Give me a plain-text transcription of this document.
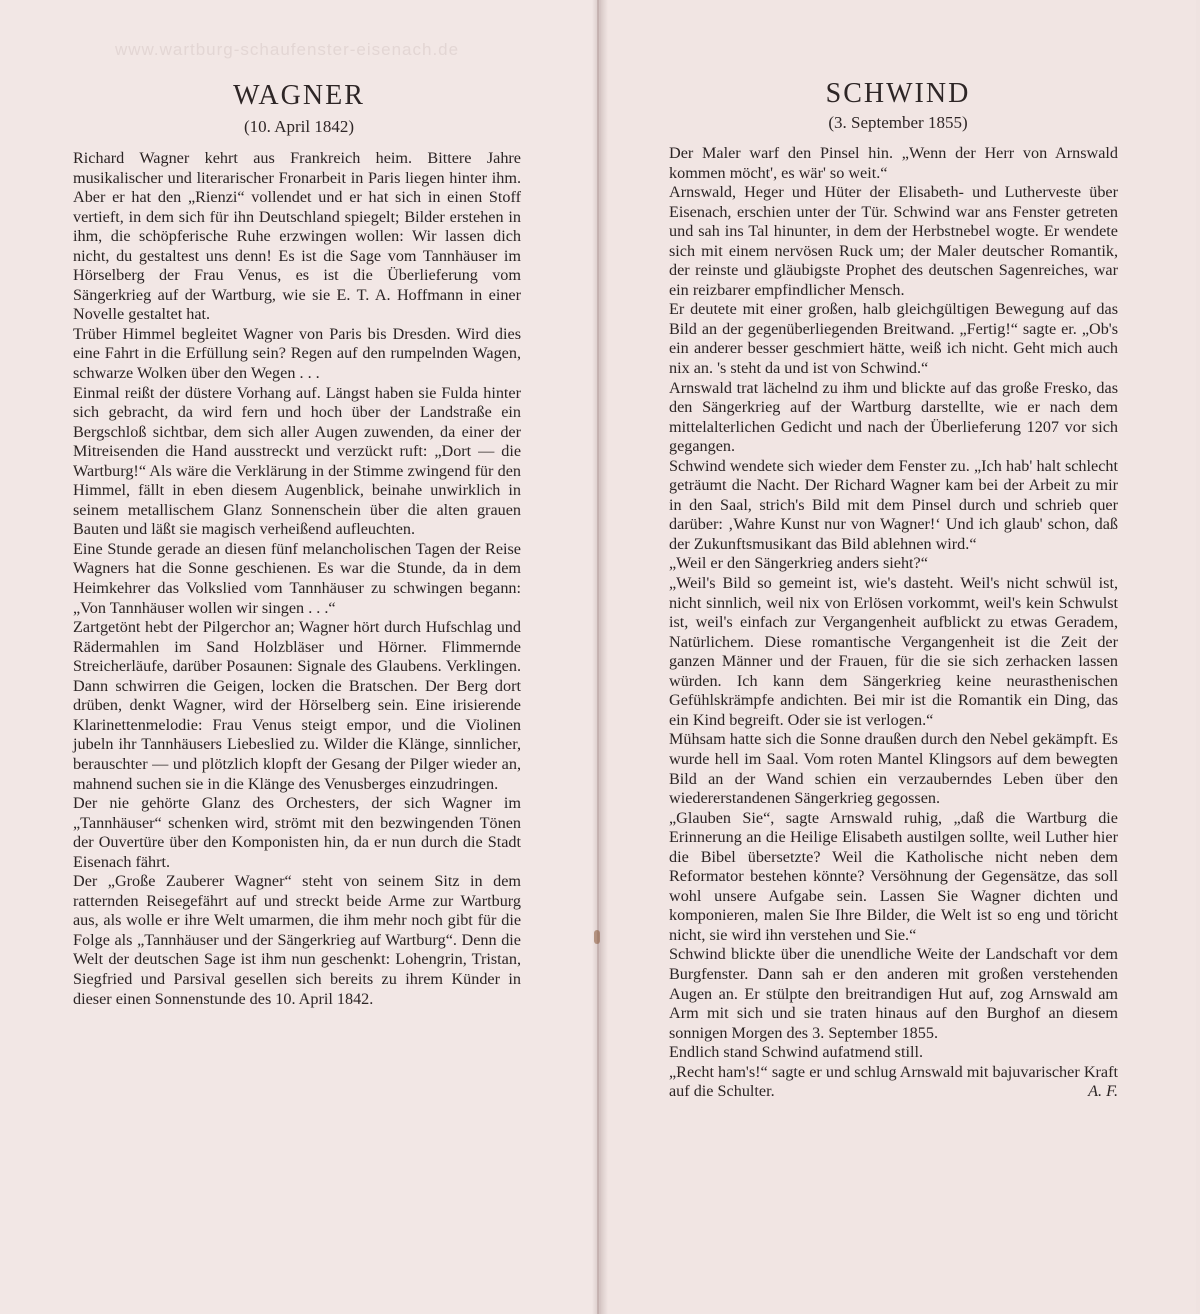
www.wartburg-schaufenster-eisenach.de
WAGNER
(10. April 1842)

Richard Wagner kehrt aus Frankreich heim. Bittere Jahre musikalischer und literarischer Fronarbeit in Paris liegen hinter ihm. Aber er hat den „Rienzi“ vollendet und er hat sich in einen Stoff vertieft, in dem sich für ihn Deutschland spiegelt; Bilder erstehen in ihm, die schöpferische Ruhe erzwingen wollen: Wir lassen dich nicht, du gestaltest uns denn! Es ist die Sage vom Tannhäuser im Hörselberg der Frau Venus, es ist die Überlieferung vom Sängerkrieg auf der Wartburg, wie sie E. T. A. Hoffmann in einer Novelle gestaltet hat.

Trüber Himmel begleitet Wagner von Paris bis Dresden. Wird dies eine Fahrt in die Erfüllung sein? Regen auf den rumpelnden Wagen, schwarze Wolken über den Wegen . . .

Einmal reißt der düstere Vorhang auf. Längst haben sie Fulda hinter sich gebracht, da wird fern und hoch über der Landstraße ein Bergschloß sichtbar, dem sich aller Augen zuwenden, da einer der Mitreisenden die Hand ausstreckt und verzückt ruft: „Dort — die Wartburg!“ Als wäre die Verklärung in der Stimme zwingend für den Himmel, fällt in eben diesem Augenblick, beinahe unwirklich in seinem metallischem Glanz Sonnenschein über die alten grauen Bauten und läßt sie magisch verheißend aufleuchten.

Eine Stunde gerade an diesen fünf melancholischen Tagen der Reise Wagners hat die Sonne geschienen. Es war die Stunde, da in dem Heimkehrer das Volkslied vom Tannhäuser zu schwingen begann: „Von Tannhäuser wollen wir singen . . .“

Zartgetönt hebt der Pilgerchor an; Wagner hört durch Hufschlag und Rädermahlen im Sand Holzbläser und Hörner. Flimmernde Streicherläufe, darüber Posaunen: Signale des Glaubens. Verklingen. Dann schwirren die Geigen, locken die Bratschen. Der Berg dort drüben, denkt Wagner, wird der Hörselberg sein. Eine irisierende Klarinettenmelodie: Frau Venus steigt empor, und die Violinen jubeln ihr Tannhäusers Liebeslied zu. Wilder die Klänge, sinnlicher, berauschter — und plötzlich klopft der Gesang der Pilger wieder an, mahnend suchen sie in die Klänge des Venusberges einzudringen.

Der nie gehörte Glanz des Orchesters, der sich Wagner im „Tannhäuser“ schenken wird, strömt mit den bezwingenden Tönen der Ouvertüre über den Komponisten hin, da er nun durch die Stadt Eisenach fährt.

Der „Große Zauberer Wagner“ steht von seinem Sitz in dem ratternden Reisegefährt auf und streckt beide Arme zur Wartburg aus, als wolle er ihre Welt umarmen, die ihm mehr noch gibt für die Folge als „Tannhäuser und der Sängerkrieg auf Wartburg“. Denn die Welt der deutschen Sage ist ihm nun geschenkt: Lohengrin, Tristan, Siegfried und Parsival gesellen sich bereits zu ihrem Künder in dieser einen Sonnenstunde des 10. April 1842.

SCHWIND
(3. September 1855)

Der Maler warf den Pinsel hin. „Wenn der Herr von Arnswald kommen möcht', es wär' so weit.“

Arnswald, Heger und Hüter der Elisabeth- und Lutherveste über Eisenach, erschien unter der Tür. Schwind war ans Fenster getreten und sah ins Tal hinunter, in dem der Herbstnebel wogte. Er wendete sich mit einem nervösen Ruck um; der Maler deutscher Romantik, der reinste und gläubigste Prophet des deutschen Sagenreiches, war ein reizbarer empfindlicher Mensch.

Er deutete mit einer großen, halb gleichgültigen Bewegung auf das Bild an der gegenüberliegenden Breitwand. „Fertig!“ sagte er. „Ob's ein anderer besser geschmiert hätte, weiß ich nicht. Geht mich auch nix an. 's steht da und ist von Schwind.“

Arnswald trat lächelnd zu ihm und blickte auf das große Fresko, das den Sängerkrieg auf der Wartburg darstellte, wie er nach dem mittelalterlichen Gedicht und nach der Überlieferung 1207 vor sich gegangen.

Schwind wendete sich wieder dem Fenster zu. „Ich hab' halt schlecht geträumt die Nacht. Der Richard Wagner kam bei der Arbeit zu mir in den Saal, strich's Bild mit dem Pinsel durch und schrieb quer darüber: ‚Wahre Kunst nur von Wagner!‘ Und ich glaub' schon, daß der Zukunftsmusikant das Bild ablehnen wird.“

„Weil er den Sängerkrieg anders sieht?“

„Weil's Bild so gemeint ist, wie's dasteht. Weil's nicht schwül ist, nicht sinnlich, weil nix von Erlösen vorkommt, weil's kein Schwulst ist, weil's einfach zur Vergangenheit aufblickt zu etwas Geradem, Natürlichem. Diese romantische Vergangenheit ist die Zeit der ganzen Männer und der Frauen, für die sie sich zerhacken lassen würden. Ich kann dem Sängerkrieg keine neurasthenischen Gefühlskrämpfe andichten. Bei mir ist die Romantik ein Ding, das ein Kind begreift. Oder sie ist verlogen.“

Mühsam hatte sich die Sonne draußen durch den Nebel gekämpft. Es wurde hell im Saal. Vom roten Mantel Klingsors auf dem bewegten Bild an der Wand schien ein verzauberndes Leben über den wiedererstandenen Sängerkrieg gegossen.

„Glauben Sie“, sagte Arnswald ruhig, „daß die Wartburg die Erinnerung an die Heilige Elisabeth austilgen sollte, weil Luther hier die Bibel übersetzte? Weil die Katholische nicht neben dem Reformator bestehen könnte? Versöhnung der Gegensätze, das soll wohl unsere Aufgabe sein. Lassen Sie Wagner dichten und komponieren, malen Sie Ihre Bilder, die Welt ist so eng und töricht nicht, sie wird ihn verstehen und Sie.“

Schwind blickte über die unendliche Weite der Landschaft vor dem Burgfenster. Dann sah er den anderen mit großen verstehenden Augen an. Er stülpte den breitrandigen Hut auf, zog Arnswald am Arm mit sich und sie traten hinaus auf den Burghof an diesem sonnigen Morgen des 3. September 1855.

Endlich stand Schwind aufatmend still.

„Recht ham's!“ sagte er und schlug Arnswald mit bajuvarischer Kraft auf die Schulter.	A. F.
